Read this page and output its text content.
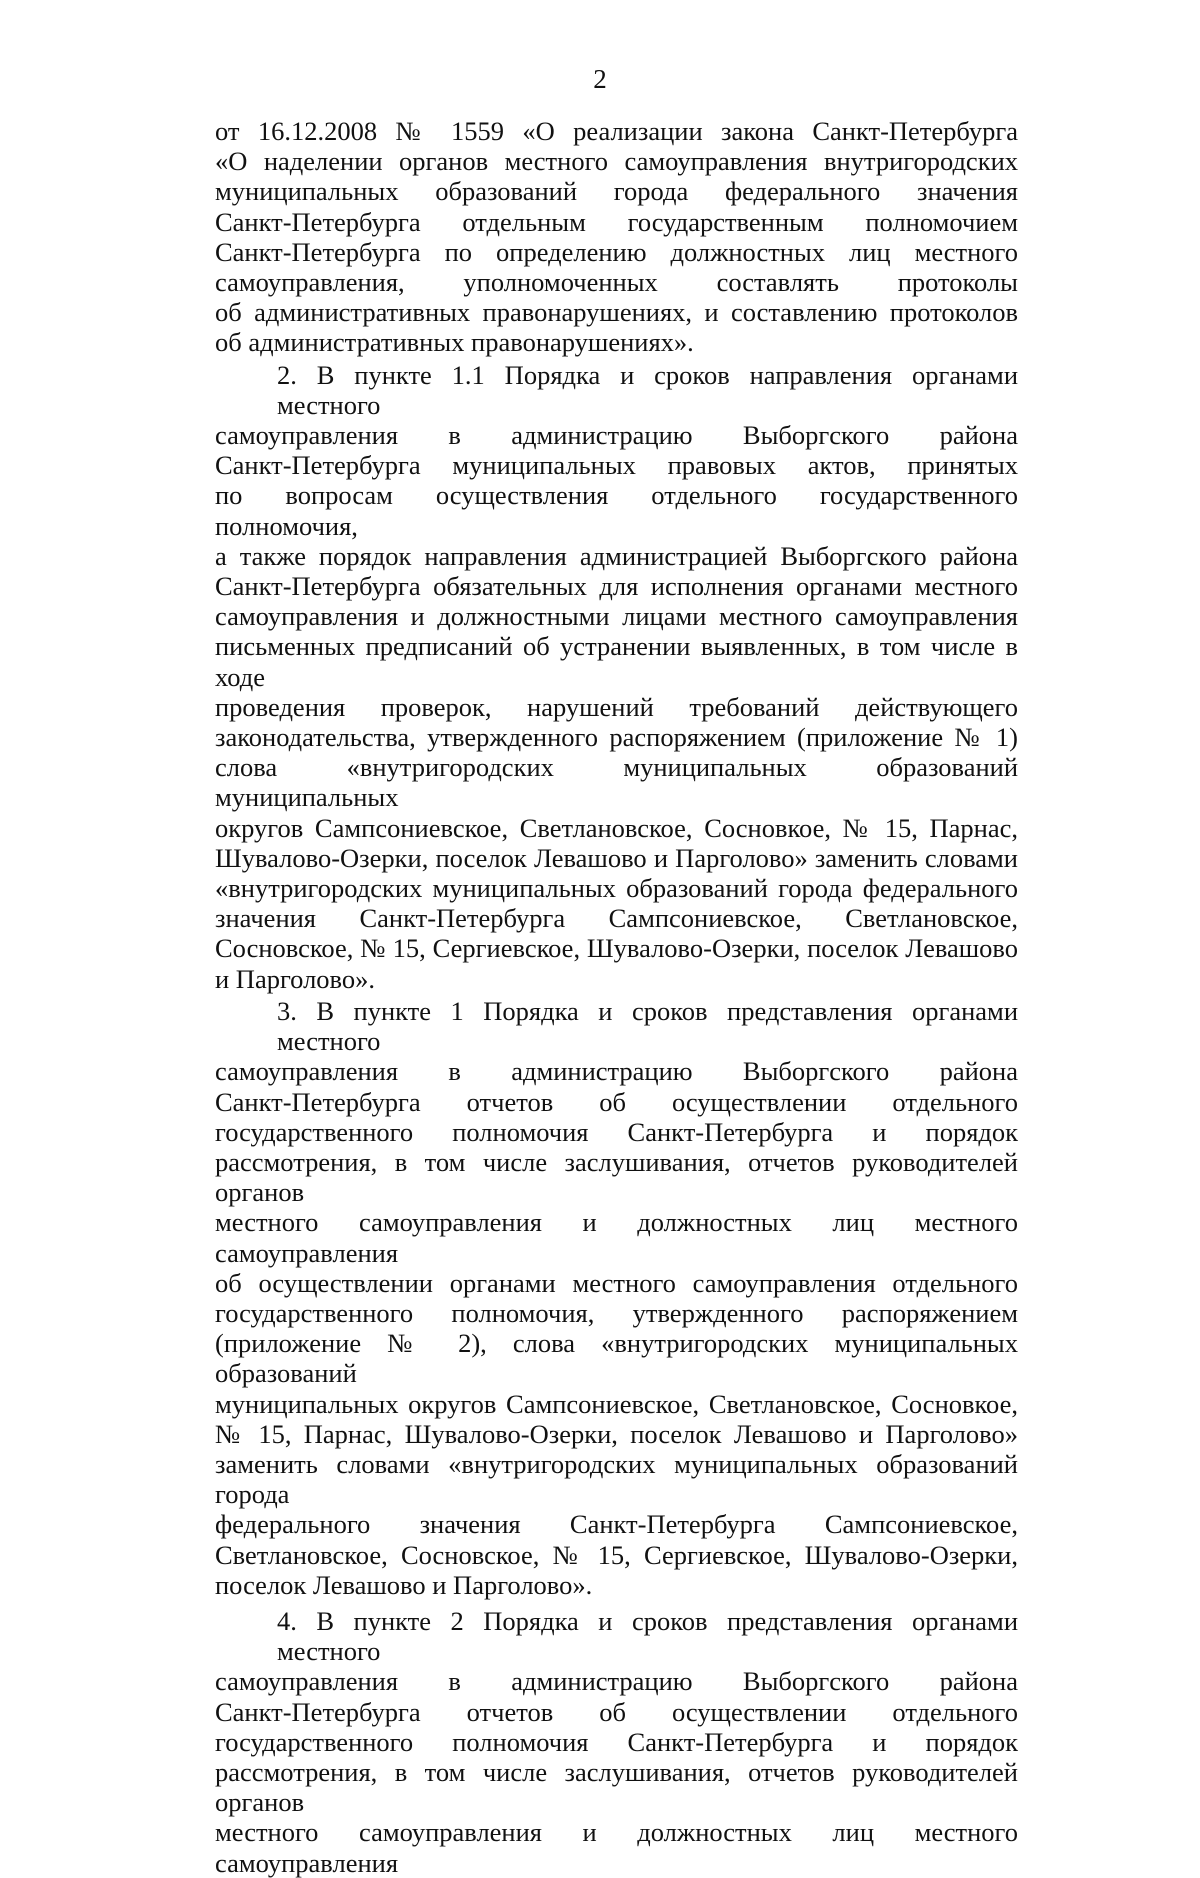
2

от 16.12.2008 № 1559 «О реализации закона Санкт-Петербурга

«О наделении органов местного самоуправления внутригородских

муниципальных образований города федерального значения

Санкт-Петербурга отдельным государственным полномочием

Санкт-Петербурга по определению должностных лиц местного

самоуправления, уполномоченных составлять протоколы

об административных правонарушениях, и составлению протоколов

об административных правонарушениях».

2. В пункте 1.1 Порядка и сроков направления органами местного

самоуправления в администрацию Выборгского района

Санкт-Петербурга муниципальных правовых актов, принятых

по вопросам осуществления отдельного государственного полномочия,

а также порядок направления администрацией Выборгского района

Санкт-Петербурга обязательных для исполнения органами местного

самоуправления и должностными лицами местного самоуправления

письменных предписаний об устранении выявленных, в том числе в ходе

проведения проверок, нарушений требований действующего

законодательства, утвержденного распоряжением (приложение № 1)

слова «внутригородских муниципальных образований муниципальных

округов Сампсониевское, Светлановское, Сосновкое, № 15, Парнас,

Шувалово-Озерки, поселок Левашово и Парголово» заменить словами

«внутригородских муниципальных образований города федерального

значения Санкт-Петербурга Сампсониевское, Светлановское,

Сосновское, № 15, Сергиевское, Шувалово-Озерки, поселок Левашово

и Парголово».

3. В пункте 1 Порядка и сроков представления органами местного

самоуправления в администрацию Выборгского района

Санкт-Петербурга отчетов об осуществлении отдельного

государственного полномочия Санкт-Петербурга и порядок

рассмотрения, в том числе заслушивания, отчетов руководителей органов

местного самоуправления и должностных лиц местного самоуправления

об осуществлении органами местного самоуправления отдельного

государственного полномочия, утвержденного распоряжением

(приложение № 2), слова «внутригородских муниципальных образований

муниципальных округов Сампсониевское, Светлановское, Сосновкое,

№ 15, Парнас, Шувалово-Озерки, поселок Левашово и Парголово»

заменить словами «внутригородских муниципальных образований города

федерального значения Санкт-Петербурга Сампсониевское,

Светлановское, Сосновское, № 15, Сергиевское, Шувалово-Озерки,

поселок Левашово и Парголово».

4. В пункте 2 Порядка и сроков представления органами местного

самоуправления в администрацию Выборгского района

Санкт-Петербурга отчетов об осуществлении отдельного

государственного полномочия Санкт-Петербурга и порядок

рассмотрения, в том числе заслушивания, отчетов руководителей органов

местного самоуправления и должностных лиц местного самоуправления
